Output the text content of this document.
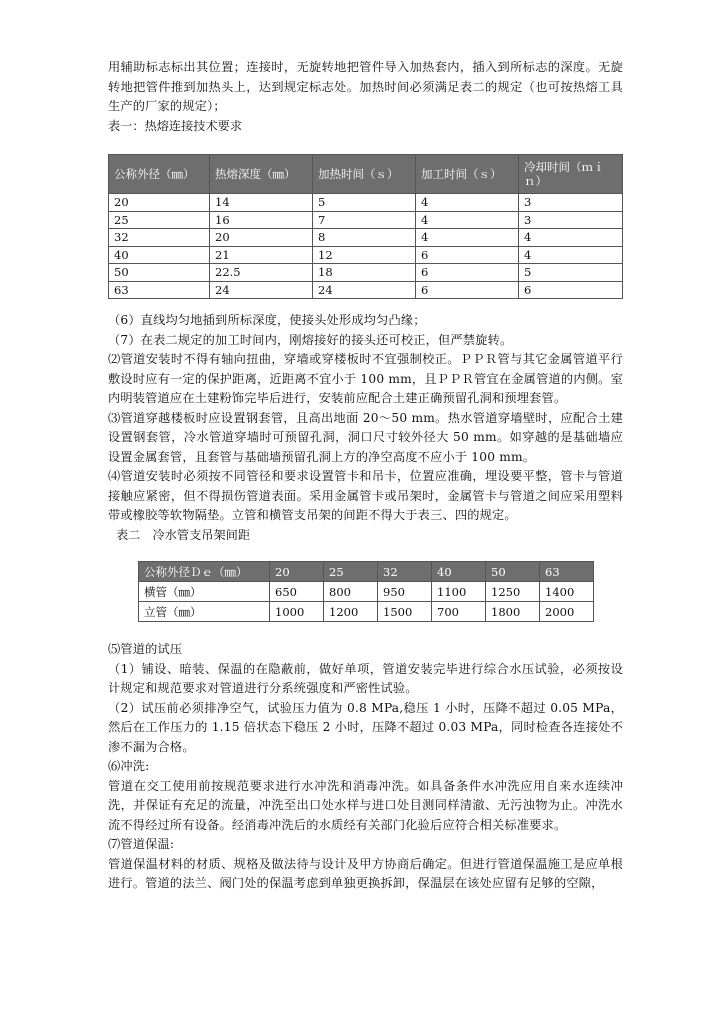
用辅助标志标出其位置；连接时，无旋转地把管件导入加热套内，插入到所标志的深度。无旋转地把管件推到加热头上，达到规定标志处。加热时间必须满足表二的规定（也可按热熔工具生产的厂家的规定）；

表一：热熔连接技术要求

公称外径（㎜）	热熔深度（㎜）	加热时间（ｓ）	加工时间（ｓ）	冷却时间（ｍｉｎ）
20	14	5	4	3
25	16	7	4	3
32	20	8	4	4
40	21	12	6	4
50	22.5	18	6	5
63	24	24	6	6

（6）直线均匀地插到所标深度，使接头处形成均匀凸缘；

（7）在表二规定的加工时间内，刚熔接好的接头还可校正，但严禁旋转。

⑵管道安装时不得有轴向扭曲，穿墙或穿楼板时不宜强制校正。ＰＰＲ管与其它金属管道平行敷设时应有一定的保护距离，近距离不宜小于 100 mm，且ＰＰＲ管宜在金属管道的内侧。室内明装管道应在土建粉饰完毕后进行，安装前应配合土建正确预留孔洞和预埋套管。

⑶管道穿越楼板时应设置钢套管，且高出地面 20～50 mm。热水管道穿墙壁时，应配合土建设置钢套管，冷水管道穿墙时可预留孔洞，洞口尺寸较外径大 50 mm。如穿越的是基础墙应设置金属套管，且套管与基础墙预留孔洞上方的净空高度不应小于 100 mm。

⑷管道安装时必须按不同管径和要求设置管卡和吊卡，位置应准确，埋设要平整，管卡与管道接触应紧密，但不得损伤管道表面。采用金属管卡或吊架时，金属管卡与管道之间应采用塑料带或橡胶等软物隔垫。立管和横管支吊架的间距不得大于表三、四的规定。

表二　冷水管支吊架间距

公称外径Ｄｅ（㎜）	20	25	32	40	50	63
横管（㎜）	650	800	950	1100	1250	1400
立管（㎜）	1000	1200	1500	700	1800	2000

⑸管道的试压

（1）铺设、暗装、保温的在隐蔽前，做好单项，管道安装完毕进行综合水压试验，必须按设计规定和规范要求对管道进行分系统强度和严密性试验。

（2）试压前必须排净空气，试验压力值为 0.8 MPa,稳压 1 小时，压降不超过 0.05 MPa，然后在工作压力的 1.15 倍状态下稳压 2 小时，压降不超过 0.03 MPa，同时检查各连接处不渗不漏为合格。

⑹冲洗:

管道在交工使用前按规范要求进行水冲洗和消毒冲洗。如具备条件水冲洗应用自来水连续冲洗，并保证有充足的流量，冲洗至出口处水样与进口处目测同样清澈、无污浊物为止。冲洗水流不得经过所有设备。经消毒冲洗后的水质经有关部门化验后应符合相关标准要求。

⑺管道保温:

管道保温材料的材质、规格及做法待与设计及甲方协商后确定。但进行管道保温施工是应单根进行。管道的法兰、阀门处的保温考虑到单独更换拆卸，保温层在该处应留有足够的空隙，
